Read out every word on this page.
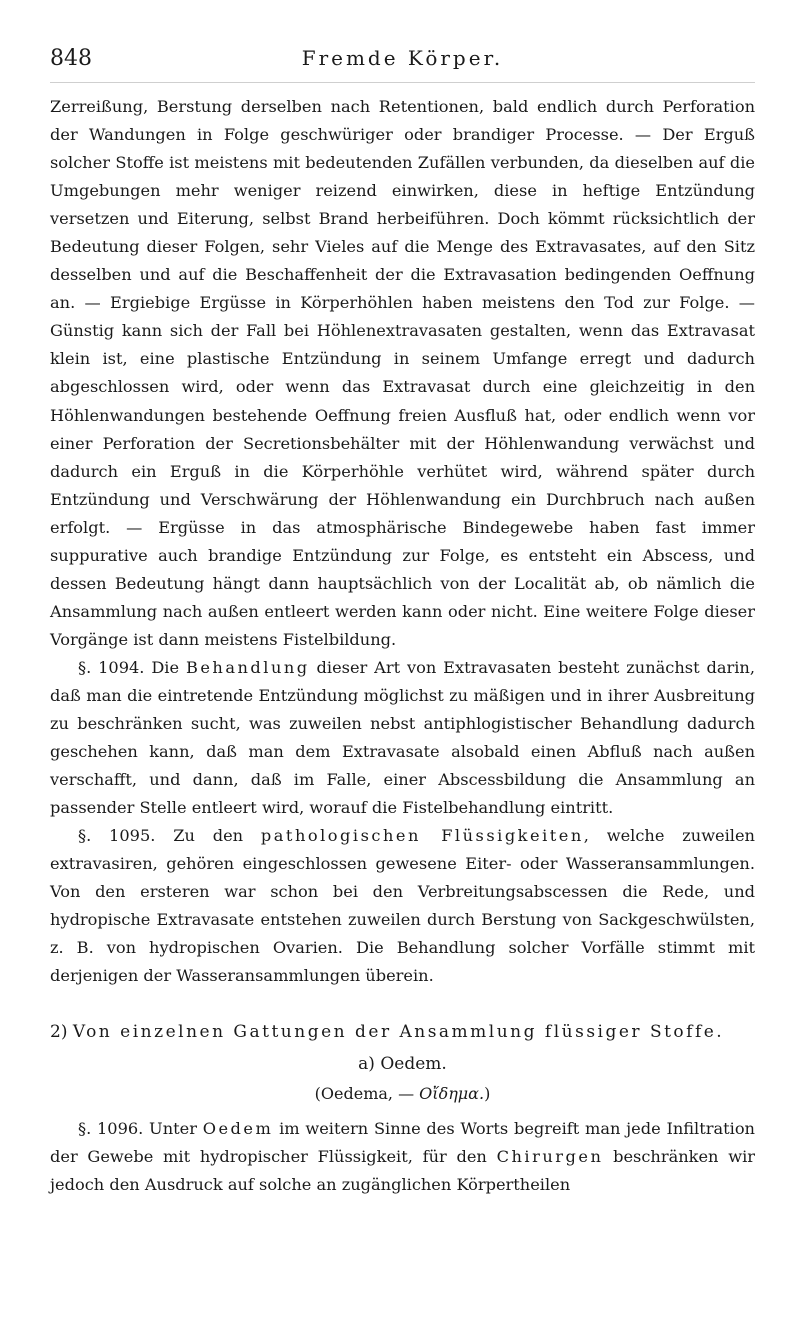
848	Fremde Körper.

Zerreißung, Berstung derselben nach Retentionen, bald endlich durch Perforation der Wandungen in Folge geschwüriger oder brandiger Processe. — Der Erguß solcher Stoffe ist meistens mit bedeutenden Zufällen verbunden, da dieselben auf die Umgebungen mehr weniger reizend einwirken, diese in heftige Entzündung versetzen und Eiterung, selbst Brand herbeiführen. Doch kömmt rücksichtlich der Bedeutung dieser Folgen, sehr Vieles auf die Menge des Extravasates, auf den Sitz desselben und auf die Beschaffenheit der die Extravasation bedingenden Oeffnung an. — Ergiebige Ergüsse in Körperhöhlen haben meistens den Tod zur Folge. — Günstig kann sich der Fall bei Höhlenextravasaten gestalten, wenn das Extravasat klein ist, eine plastische Entzündung in seinem Umfange erregt und dadurch abgeschlossen wird, oder wenn das Extravasat durch eine gleichzeitig in den Höhlenwandungen bestehende Oeffnung freien Ausfluß hat, oder endlich wenn vor einer Perforation der Secretionsbehälter mit der Höhlenwandung verwächst und dadurch ein Erguß in die Körperhöhle verhütet wird, während später durch Entzündung und Verschwärung der Höhlenwandung ein Durchbruch nach außen erfolgt. — Ergüsse in das atmosphärische Bindegewebe haben fast immer suppurative auch brandige Entzündung zur Folge, es entsteht ein Abscess, und dessen Bedeutung hängt dann hauptsächlich von der Localität ab, ob nämlich die Ansammlung nach außen entleert werden kann oder nicht. Eine weitere Folge dieser Vorgänge ist dann meistens Fistelbildung.

§. 1094. Die Behandlung dieser Art von Extravasaten besteht zunächst darin, daß man die eintretende Entzündung möglichst zu mäßigen und in ihrer Ausbreitung zu beschränken sucht, was zuweilen nebst antiphlogistischer Behandlung dadurch geschehen kann, daß man dem Extravasate alsobald einen Abfluß nach außen verschafft, und dann, daß im Falle, einer Abscessbildung die Ansammlung an passender Stelle entleert wird, worauf die Fistelbehandlung eintritt.

§. 1095. Zu den pathologischen Flüssigkeiten, welche zuweilen extravasiren, gehören eingeschlossen gewesene Eiter- oder Wasseransammlungen. Von den ersteren war schon bei den Verbreitungsabscessen die Rede, und hydropische Extravasate entstehen zuweilen durch Berstung von Sackgeschwülsten, z. B. von hydropischen Ovarien. Die Behandlung solcher Vorfälle stimmt mit derjenigen der Wasseransammlungen überein.

2) Von einzelnen Gattungen der Ansammlung flüssiger Stoffe.
a) Oedem.
(Oedema, — Οἴδημα.)

§. 1096. Unter Oedem im weitern Sinne des Worts begreift man jede Infiltration der Gewebe mit hydropischer Flüssigkeit, für den Chirurgen beschränken wir jedoch den Ausdruck auf solche an zugänglichen Körpertheilen
